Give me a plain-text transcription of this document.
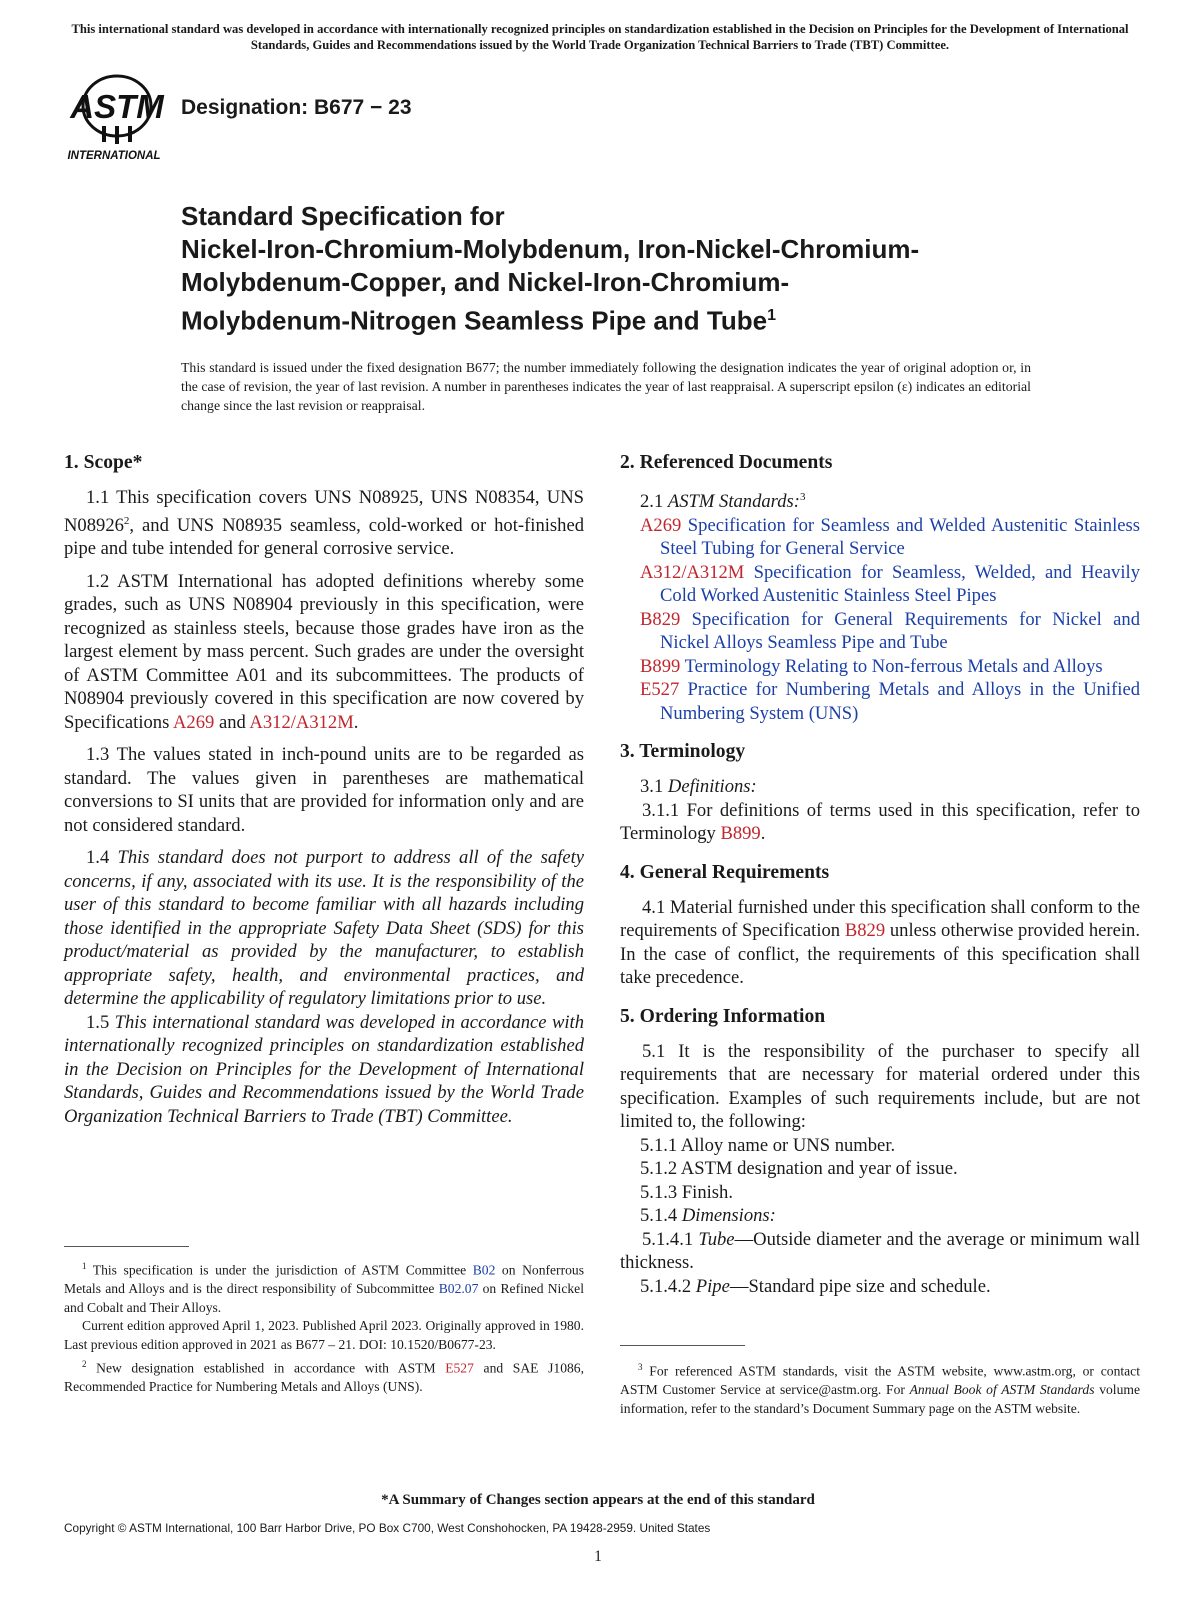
This international standard was developed in accordance with internationally recognized principles on standardization established in the Decision on Principles for the Development of International Standards, Guides and Recommendations issued by the World Trade Organization Technical Barriers to Trade (TBT) Committee.
ASTM
INTERNATIONAL
Designation: B677 − 23
Standard Specification for
Nickel-Iron-Chromium-Molybdenum, Iron-Nickel-Chromium-
Molybdenum-Copper, and Nickel-Iron-Chromium-
Molybdenum-Nitrogen Seamless Pipe and Tube$^1$
This standard is issued under the fixed designation B677; the number immediately following the designation indicates the year of original adoption or, in the case of revision, the year of last revision. A number in parentheses indicates the year of last reappraisal. A superscript epsilon (ε) indicates an editorial change since the last revision or reappraisal.
1. Scope*

1.1 This specification covers UNS N08925, UNS N08354, UNS N08926$^2$, and UNS N08935 seamless, cold-worked or hot-finished pipe and tube intended for general corrosive service.

1.2 ASTM International has adopted definitions whereby some grades, such as UNS N08904 previously in this specification, were recognized as stainless steels, because those grades have iron as the largest element by mass percent. Such grades are under the oversight of ASTM Committee A01 and its subcommittees. The products of N08904 previously covered in this specification are now covered by Specifications A269 and A312/A312M.

1.3 The values stated in inch-pound units are to be regarded as standard. The values given in parentheses are mathematical conversions to SI units that are provided for information only and are not considered standard.

1.4 This standard does not purport to address all of the safety concerns, if any, associated with its use. It is the responsibility of the user of this standard to become familiar with all hazards including those identified in the appropriate Safety Data Sheet (SDS) for this product/material as provided by the manufacturer, to establish appropriate safety, health, and environmental practices, and determine the applicability of regulatory limitations prior to use.

1.5 This international standard was developed in accordance with internationally recognized principles on standardization established in the Decision on Principles for the Development of International Standards, Guides and Recommendations issued by the World Trade Organization Technical Barriers to Trade (TBT) Committee.

$^1$ This specification is under the jurisdiction of ASTM Committee B02 on Nonferrous Metals and Alloys and is the direct responsibility of Subcommittee B02.07 on Refined Nickel and Cobalt and Their Alloys.

Current edition approved April 1, 2023. Published April 2023. Originally approved in 1980. Last previous edition approved in 2021 as B677 – 21. DOI: 10.1520/B0677-23.

$^2$ New designation established in accordance with ASTM E527 and SAE J1086, Recommended Practice for Numbering Metals and Alloys (UNS).

2. Referenced Documents

2.1 ASTM Standards:$^3$

A269 Specification for Seamless and Welded Austenitic Stainless Steel Tubing for General Service

A312/A312M Specification for Seamless, Welded, and Heavily Cold Worked Austenitic Stainless Steel Pipes

B829 Specification for General Requirements for Nickel and Nickel Alloys Seamless Pipe and Tube

B899 Terminology Relating to Non-ferrous Metals and Alloys

E527 Practice for Numbering Metals and Alloys in the Unified Numbering System (UNS)

3. Terminology

3.1 Definitions:

3.1.1 For definitions of terms used in this specification, refer to Terminology B899.

4. General Requirements

4.1 Material furnished under this specification shall conform to the requirements of Specification B829 unless otherwise provided herein. In the case of conflict, the requirements of this specification shall take precedence.

5. Ordering Information

5.1 It is the responsibility of the purchaser to specify all requirements that are necessary for material ordered under this specification. Examples of such requirements include, but are not limited to, the following:

5.1.1 Alloy name or UNS number.

5.1.2 ASTM designation and year of issue.

5.1.3 Finish.

5.1.4 Dimensions:

5.1.4.1 Tube—Outside diameter and the average or minimum wall thickness.

5.1.4.2 Pipe—Standard pipe size and schedule.

$^3$ For referenced ASTM standards, visit the ASTM website, www.astm.org, or contact ASTM Customer Service at service@astm.org. For Annual Book of ASTM Standards volume information, refer to the standard’s Document Summary page on the ASTM website.

*A Summary of Changes section appears at the end of this standard
Copyright © ASTM International, 100 Barr Harbor Drive, PO Box C700, West Conshohocken, PA 19428-2959. United States
1
